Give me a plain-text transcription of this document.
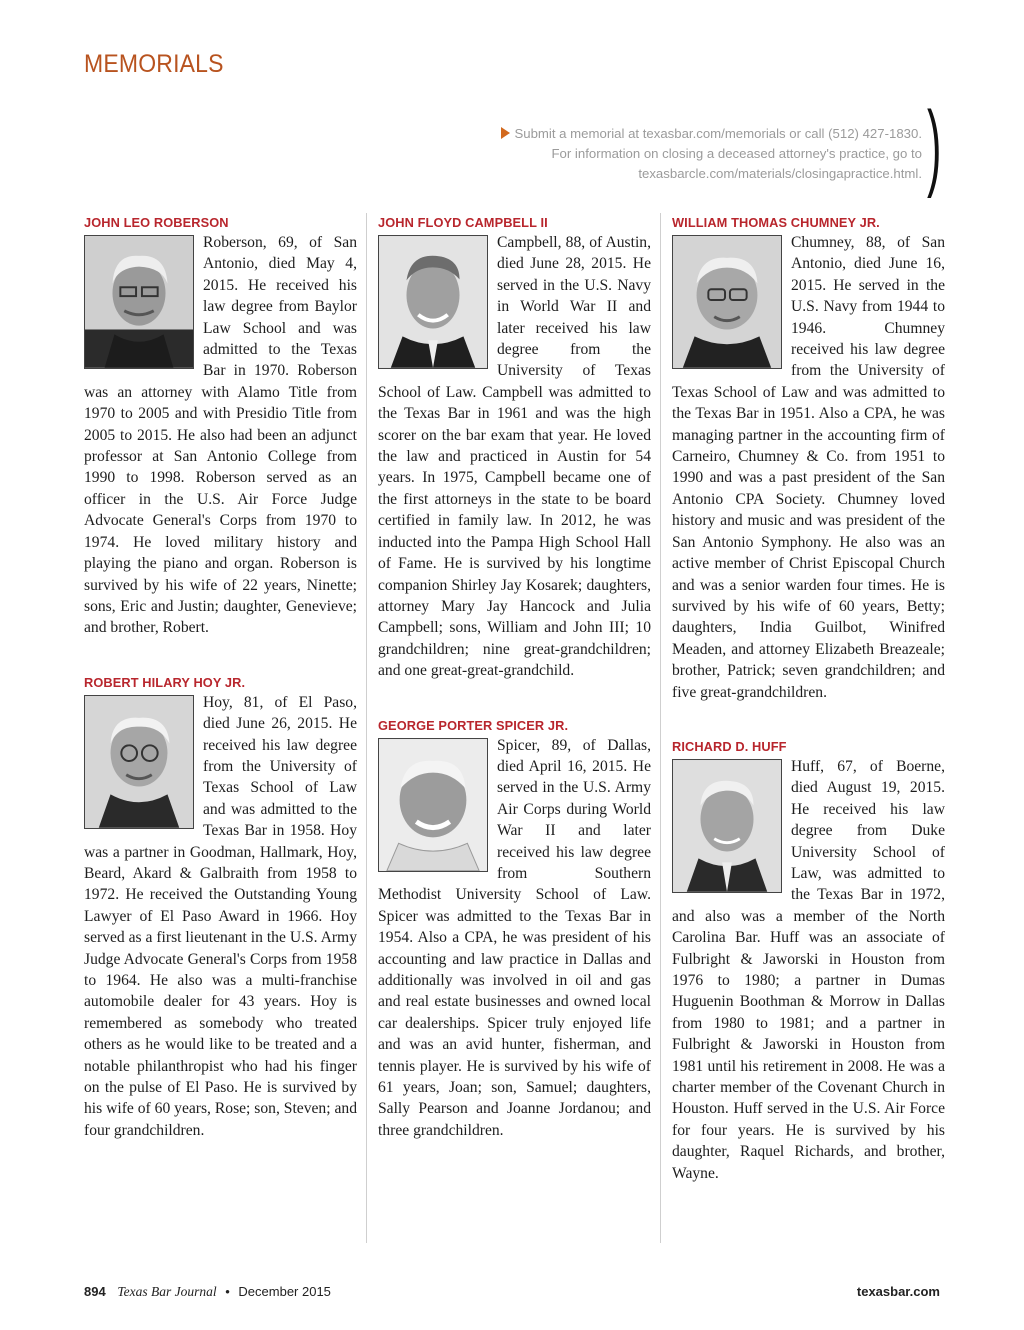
MEMORIALS
Submit a memorial at texasbar.com/memorials or call (512) 427-1830.
For information on closing a deceased attorney's practice, go to
texasbarcle.com/materials/closingapractice.html. )
JOHN LEO ROBERSON

Roberson, 69, of San Antonio, died May 4, 2015. He received his law degree from Baylor Law School and was admitted to the Texas Bar in 1970. Roberson was an attorney with Alamo Title from 1970 to 2005 and with Presidio Title from 2005 to 2015. He also had been an adjunct professor at San Antonio College from 1990 to 1998. Roberson served as an officer in the U.S. Air Force Judge Advocate General's Corps from 1970 to 1974. He loved military history and playing the piano and organ. Roberson is survived by his wife of 22 years, Ninette; sons, Eric and Justin; daughter, Genevieve; and brother, Robert.

ROBERT HILARY HOY JR.

Hoy, 81, of El Paso, died June 26, 2015. He received his law degree from the University of Texas School of Law and was admitted to the Texas Bar in 1958. Hoy was a partner in Goodman, Hallmark, Hoy, Beard, Akard & Galbraith from 1958 to 1972. He received the Outstanding Young Lawyer of El Paso Award in 1966. Hoy served as a first lieutenant in the U.S. Army Judge Advocate General's Corps from 1958 to 1964. He also was a multi-franchise automobile dealer for 43 years. Hoy is remembered as somebody who treated others as he would like to be treated and a notable philanthropist who had his finger on the pulse of El Paso. He is survived by his wife of 60 years, Rose; son, Steven; and four grandchildren.

JOHN FLOYD CAMPBELL II

Campbell, 88, of Austin, died June 28, 2015. He served in the U.S. Navy in World War II and later received his law degree from the University of Texas School of Law. Campbell was admitted to the Texas Bar in 1961 and was the high scorer on the bar exam that year. He loved the law and practiced in Austin for 54 years. In 1975, Campbell became one of the first attorneys in the state to be board certified in family law. In 2012, he was inducted into the Pampa High School Hall of Fame. He is survived by his longtime companion Shirley Jay Kosarek; daughters, attorney Mary Jay Hancock and Julia Campbell; sons, William and John III; 10 grandchildren; nine great-grandchildren; and one great-great-grandchild.

GEORGE PORTER SPICER JR.

Spicer, 89, of Dallas, died April 16, 2015. He served in the U.S. Army Air Corps during World War II and later received his law degree from Southern Methodist University School of Law. Spicer was admitted to the Texas Bar in 1954. Also a CPA, he was president of his accounting and law practice in Dallas and additionally was involved in oil and gas and real estate businesses and owned local car dealerships. Spicer truly enjoyed life and was an avid hunter, fisherman, and tennis player. He is survived by his wife of 61 years, Joan; son, Samuel; daughters, Sally Pearson and Joanne Jordanou; and three grandchildren.

WILLIAM THOMAS CHUMNEY JR.

Chumney, 88, of San Antonio, died June 16, 2015. He served in the U.S. Navy from 1944 to 1946. Chumney received his law degree from the University of Texas School of Law and was admitted to the Texas Bar in 1951. Also a CPA, he was managing partner in the accounting firm of Carneiro, Chumney & Co. from 1951 to 1990 and was a past president of the San Antonio CPA Society. Chumney loved history and music and was president of the San Antonio Symphony. He also was an active member of Christ Episcopal Church and was a senior warden four times. He is survived by his wife of 60 years, Betty; daughters, India Guilbot, Winifred Meaden, and attorney Elizabeth Breazeale; brother, Patrick; seven grandchildren; and five great-grandchildren.

RICHARD D. HUFF

Huff, 67, of Boerne, died August 19, 2015. He received his law degree from Duke University School of Law, was admitted to the Texas Bar in 1972, and also was a member of the North Carolina Bar. Huff was an associate of Fulbright & Jaworski in Houston from 1976 to 1980; a partner in Dumas Huguenin Boothman & Morrow in Dallas from 1980 to 1981; and a partner in Fulbright & Jaworski in Houston from 1981 until his retirement in 2008. He was a charter member of the Covenant Church in Houston. Huff served in the U.S. Air Force for four years. He is survived by his daughter, Raquel Richards, and brother, Wayne.

894 Texas Bar Journal • December 2015	texasbar.com
